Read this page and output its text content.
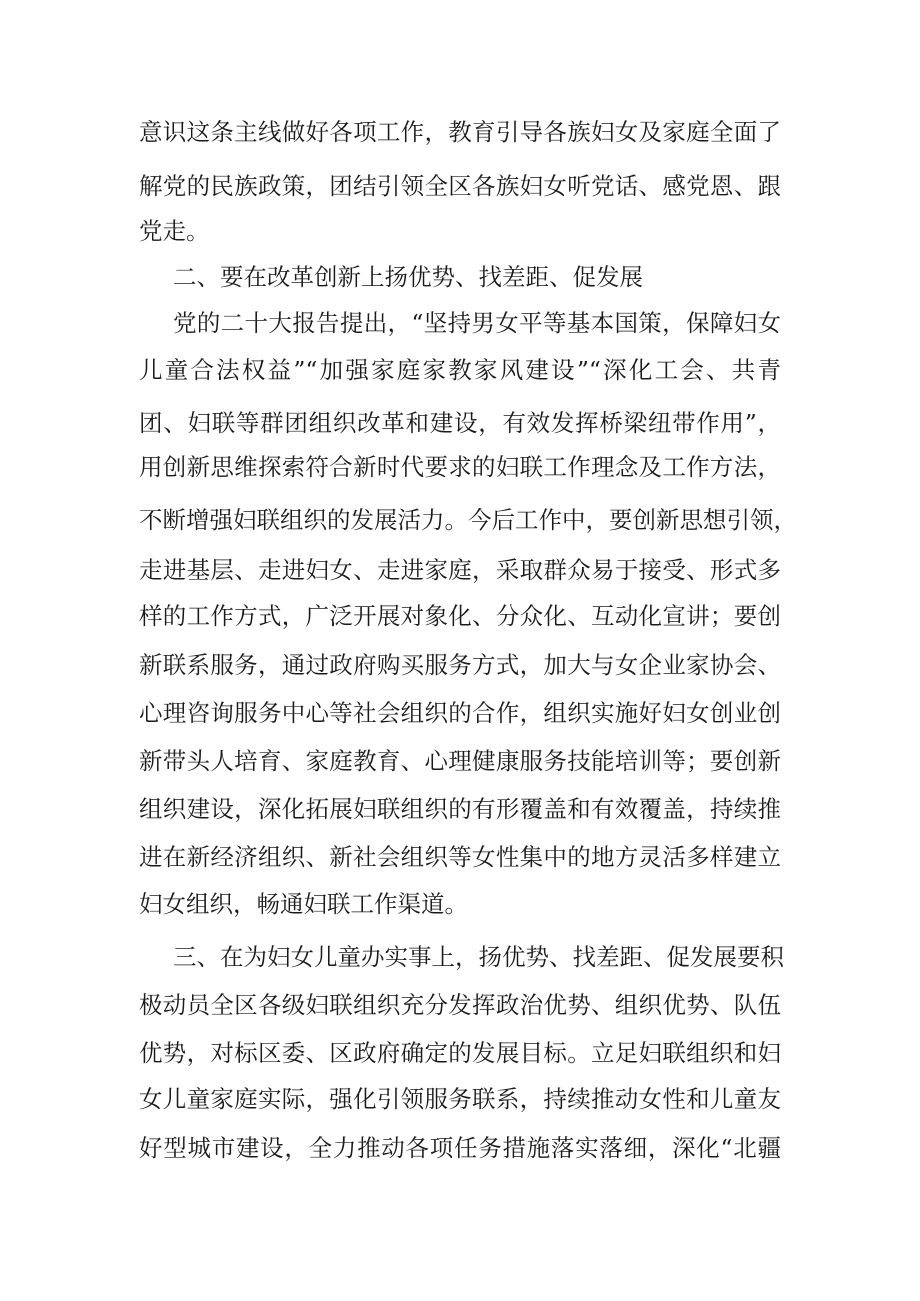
意识这条主线做好各项工作，教育引导各族妇女及家庭全面了
解党的民族政策，团结引领全区各族妇女听党话、感党恩、跟
党走。
二、要在改革创新上扬优势、找差距、促发展
党的二十大报告提出，“坚持男女平等基本国策，保障妇女
儿童合法权益”“加强家庭家教家风建设”“深化工会、共青
团、妇联等群团组织改革和建设，有效发挥桥梁纽带作用”，
用创新思维探索符合新时代要求的妇联工作理念及工作方法，
不断增强妇联组织的发展活力。今后工作中，要创新思想引领，
走进基层、走进妇女、走进家庭，采取群众易于接受、形式多
样的工作方式，广泛开展对象化、分众化、互动化宣讲；要创
新联系服务，通过政府购买服务方式，加大与女企业家协会、
心理咨询服务中心等社会组织的合作，组织实施好妇女创业创
新带头人培育、家庭教育、心理健康服务技能培训等；要创新
组织建设，深化拓展妇联组织的有形覆盖和有效覆盖，持续推
进在新经济组织、新社会组织等女性集中的地方灵活多样建立
妇女组织，畅通妇联工作渠道。
三、在为妇女儿童办实事上，扬优势、找差距、促发展要积
极动员全区各级妇联组织充分发挥政治优势、组织优势、队伍
优势，对标区委、区政府确定的发展目标。立足妇联组织和妇
女儿童家庭实际，强化引领服务联系，持续推动女性和儿童友
好型城市建设，全力推动各项任务措施落实落细，深化“北疆
